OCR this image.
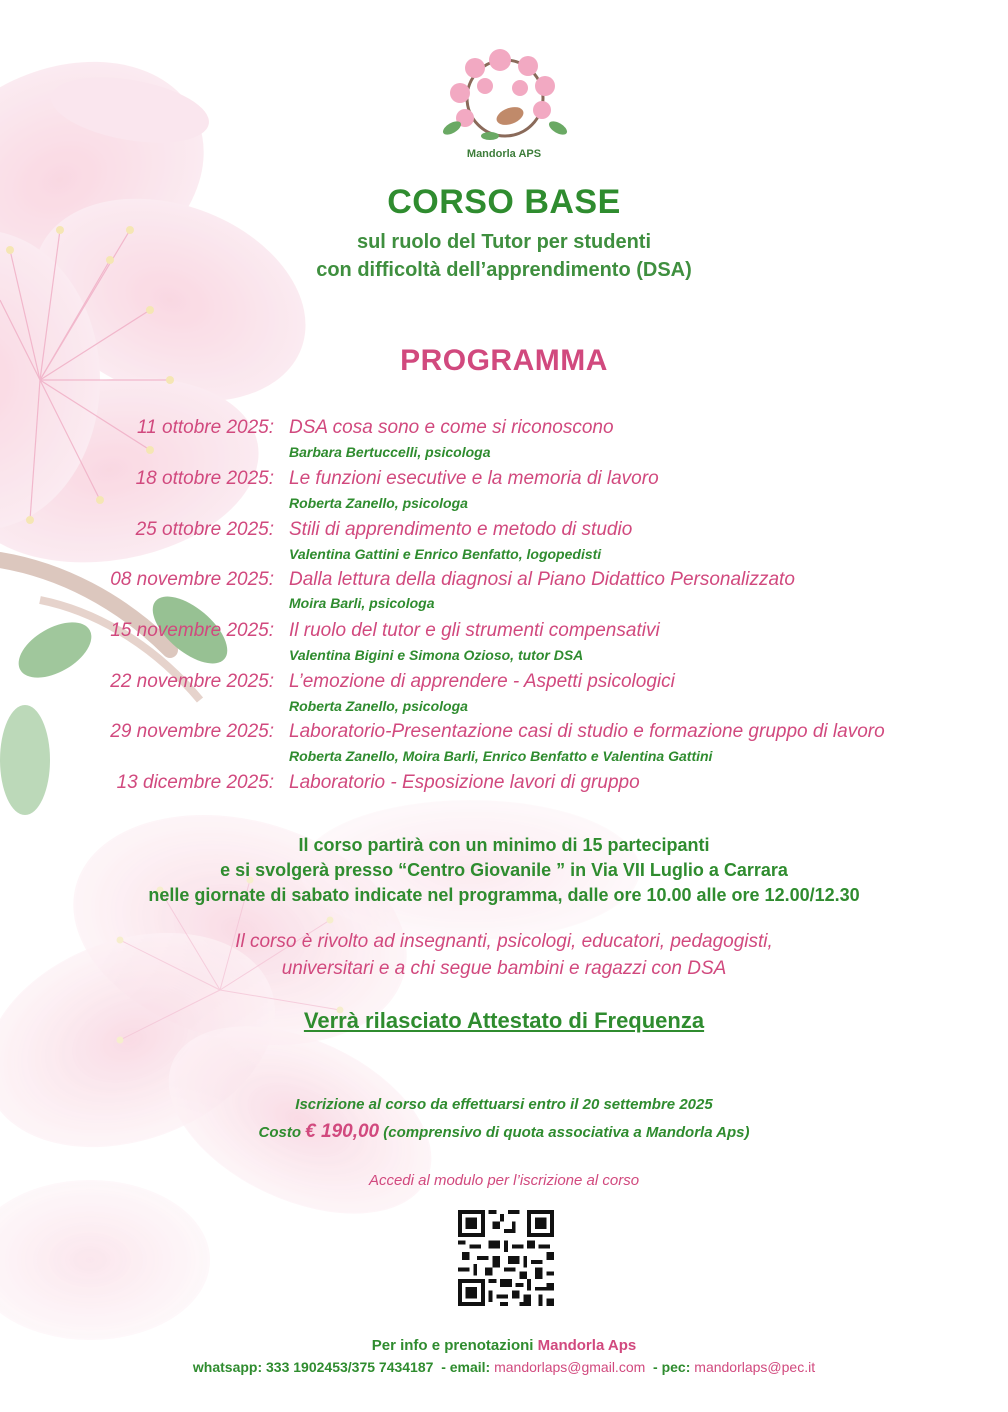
Mandorla APS
CORSO BASE
sul ruolo del Tutor per studenti
con difficoltà dell’apprendimento (DSA)
PROGRAMMA
11 ottobre 2025: DSA cosa sono e come si riconoscono
Barbara Bertuccelli, psicologa
18 ottobre 2025: Le funzioni esecutive e la memoria di lavoro
Roberta Zanello, psicologa
25 ottobre 2025: Stili di apprendimento e metodo di studio
Valentina Gattini e Enrico Benfatto, logopedisti
08 novembre 2025: Dalla lettura della diagnosi al Piano Didattico Personalizzato
Moira Barli, psicologa
15 novembre 2025: Il ruolo del tutor e gli strumenti compensativi
Valentina Bigini e Simona Ozioso, tutor DSA
22 novembre 2025: L’emozione di apprendere - Aspetti psicologici
Roberta Zanello, psicologa
29 novembre 2025: Laboratorio-Presentazione casi di studio e formazione gruppo di lavoro
Roberta Zanello, Moira Barli, Enrico Benfatto e Valentina Gattini
13 dicembre 2025: Laboratorio - Esposizione lavori di gruppo
Il corso partirà con un minimo di 15 partecipanti
e si svolgerà presso “Centro Giovanile ” in Via VII Luglio a Carrara
nelle giornate di sabato indicate nel programma, dalle ore 10.00 alle ore 12.00/12.30
Il corso è rivolto ad insegnanti, psicologi, educatori, pedagogisti,
universitari e a chi segue bambini e ragazzi con DSA
Verrà rilasciato Attestato di Frequenza
Iscrizione al corso da effettuarsi entro il 20 settembre 2025
Costo € 190,00 (comprensivo di quota associativa a Mandorla Aps)
Accedi al modulo per l’iscrizione al corso
Per info e prenotazioni Mandorla Aps
whatsapp: 333 1902453/375 7434187 - email: mandorlaps@gmail.com - pec: mandorlaps@pec.it
